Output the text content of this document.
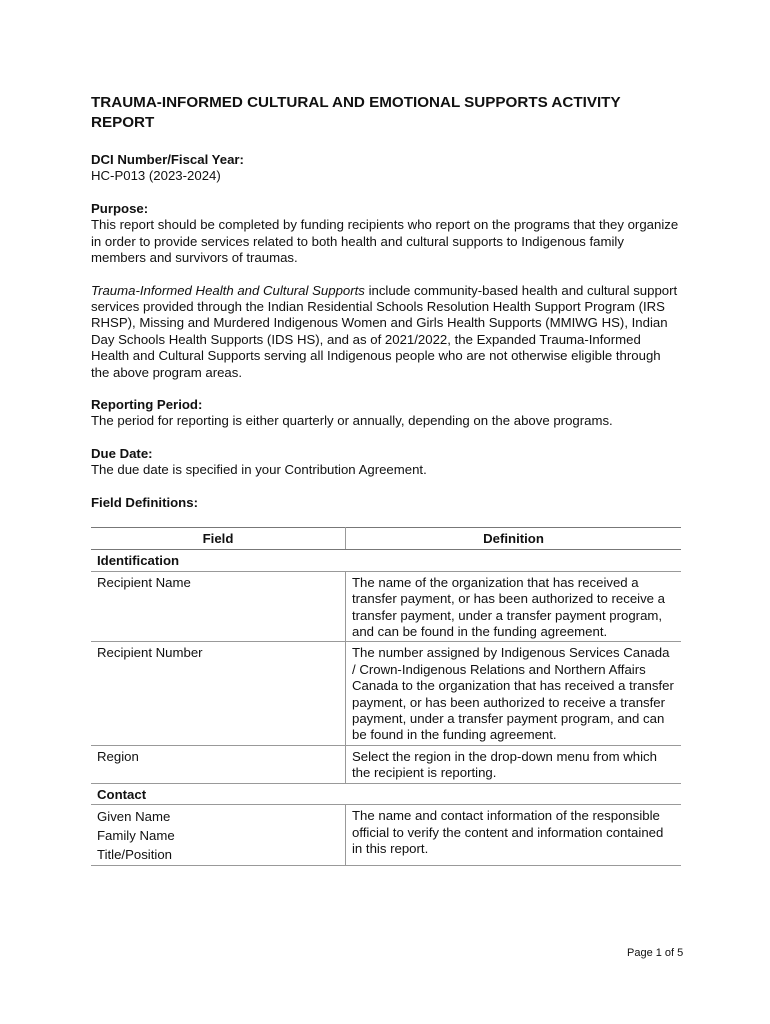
TRAUMA-INFORMED CULTURAL AND EMOTIONAL SUPPORTS ACTIVITY REPORT

DCI Number/Fiscal Year:

HC-P013 (2023-2024)

Purpose:

This report should be completed by funding recipients who report on the programs that they organize in order to provide services related to both health and cultural supports to Indigenous family members and survivors of traumas.

Trauma-Informed Health and Cultural Supports include community-based health and cultural support services provided through the Indian Residential Schools Resolution Health Support Program (IRS RHSP), Missing and Murdered Indigenous Women and Girls Health Supports (MMIWG HS), Indian Day Schools Health Supports (IDS HS), and as of 2021/2022, the Expanded Trauma-Informed Health and Cultural Supports serving all Indigenous people who are not otherwise eligible through the above program areas.

Reporting Period:

The period for reporting is either quarterly or annually, depending on the above programs.

Due Date:

The due date is specified in your Contribution Agreement.

Field Definitions:

Field	Definition
Identification	
Recipient Name	The name of the organization that has received a transfer payment, or has been authorized to receive a transfer payment, under a transfer payment program, and can be found in the funding agreement.
Recipient Number	The number assigned by Indigenous Services Canada / Crown-Indigenous Relations and Northern Affairs Canada to the organization that has received a transfer payment, or has been authorized to receive a transfer payment, under a transfer payment program, and can be found in the funding agreement.
Region	Select the region in the drop-down menu from which the recipient is reporting.
Contact	

Given Name
Family Name
Title/Position	The name and contact information of the responsible official to verify the content and information contained in this report.
Page 1 of 5
